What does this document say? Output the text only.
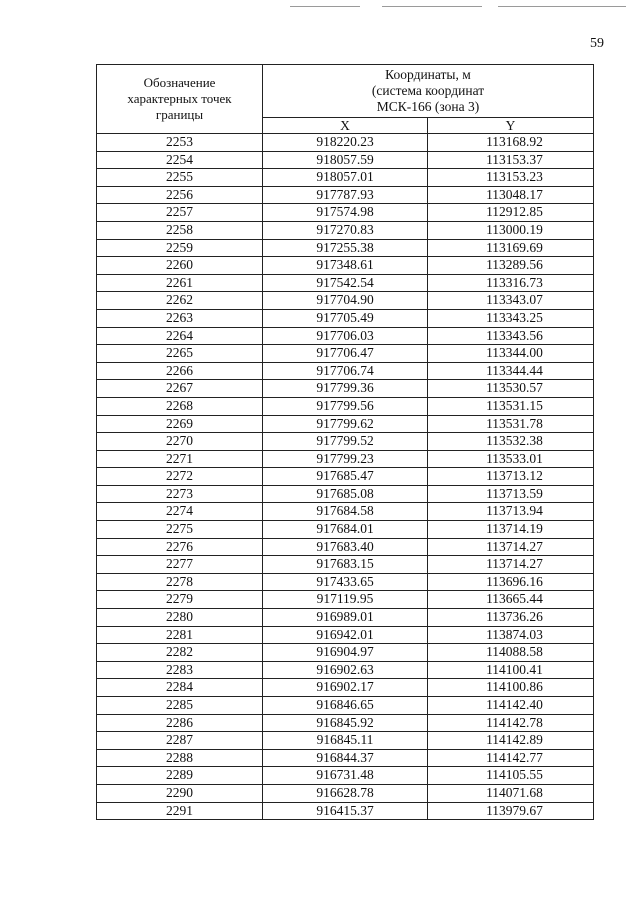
59
Обозначение характерных точек границы	Координаты, м
(система координат
МСК-166 (зона 3)	

	X	Y
2253	918220.23	113168.92
2254	918057.59	113153.37
2255	918057.01	113153.23
2256	917787.93	113048.17
2257	917574.98	112912.85
2258	917270.83	113000.19
2259	917255.38	113169.69
2260	917348.61	113289.56
2261	917542.54	113316.73
2262	917704.90	113343.07
2263	917705.49	113343.25
2264	917706.03	113343.56
2265	917706.47	113344.00
2266	917706.74	113344.44
2267	917799.36	113530.57
2268	917799.56	113531.15
2269	917799.62	113531.78
2270	917799.52	113532.38
2271	917799.23	113533.01
2272	917685.47	113713.12
2273	917685.08	113713.59
2274	917684.58	113713.94
2275	917684.01	113714.19
2276	917683.40	113714.27
2277	917683.15	113714.27
2278	917433.65	113696.16
2279	917119.95	113665.44
2280	916989.01	113736.26
2281	916942.01	113874.03
2282	916904.97	114088.58
2283	916902.63	114100.41
2284	916902.17	114100.86
2285	916846.65	114142.40
2286	916845.92	114142.78
2287	916845.11	114142.89
2288	916844.37	114142.77
2289	916731.48	114105.55
2290	916628.78	114071.68
2291	916415.37	113979.67
